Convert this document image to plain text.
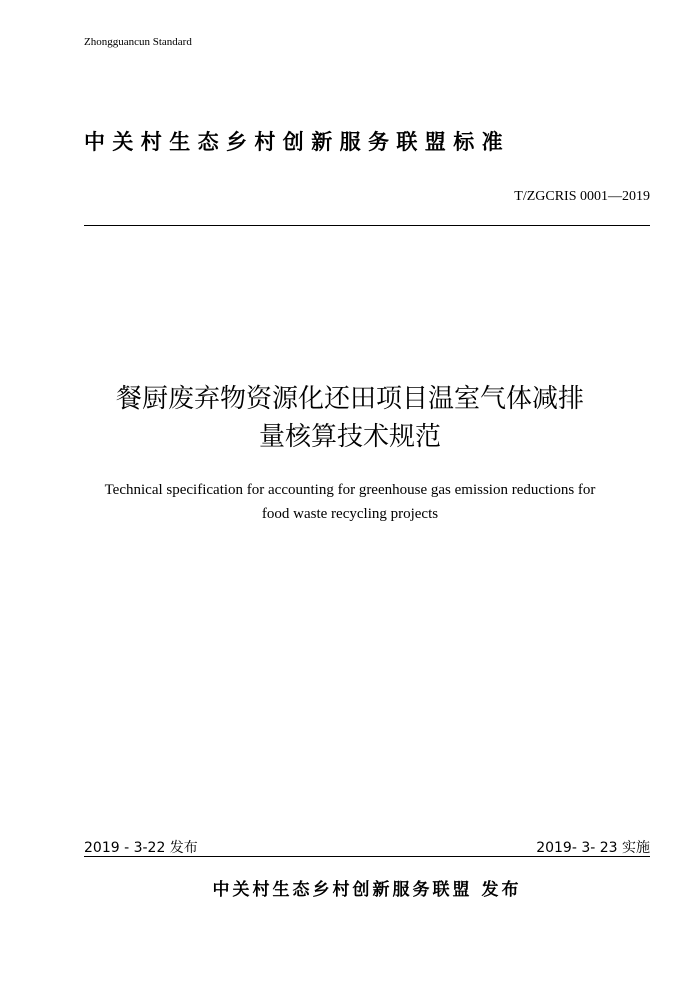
Zhongguancun Standard
中关村生态乡村创新服务联盟标准
T/ZGCRIS 0001—2019
餐厨废弃物资源化还田项目温室气体减排
量核算技术规范
Technical specification for accounting for greenhouse gas emission reductions for
food waste recycling projects
2019 - 3-22 发布	2019- 3- 23 实施
中关村生态乡村创新服务联盟 发布
